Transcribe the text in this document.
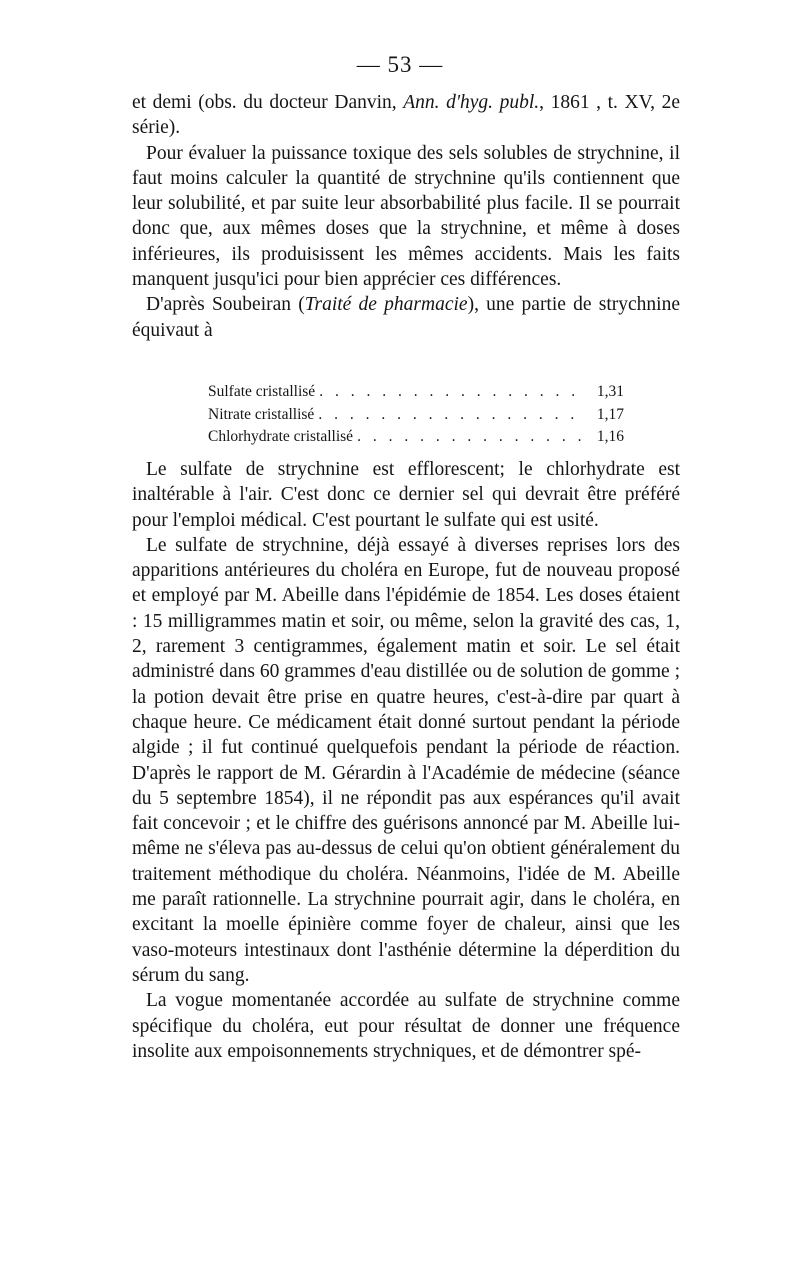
— 53 —

et demi (obs. du docteur Danvin, Ann. d'hyg. publ., 1861 , t. XV, 2e série).

Pour évaluer la puissance toxique des sels solubles de strychnine, il faut moins calculer la quantité de strychnine qu'ils contiennent que leur solubilité, et par suite leur absorbabilité plus facile. Il se pourrait donc que, aux mêmes doses que la strychnine, et même à doses inférieures, ils produisissent les mêmes accidents. Mais les faits manquent jusqu'ici pour bien apprécier ces différences.

D'après Soubeiran (Traité de pharmacie), une partie de strychnine équivaut à

Sulfate cristallisé . . .	1,31
Nitrate cristallisé . . .	1,17
Chlorhydrate cristallisé . . .	1,16

Le sulfate de strychnine est efflorescent; le chlorhydrate est inaltérable à l'air. C'est donc ce dernier sel qui devrait être préféré pour l'emploi médical. C'est pourtant le sulfate qui est usité.

Le sulfate de strychnine, déjà essayé à diverses reprises lors des apparitions antérieures du choléra en Europe, fut de nouveau proposé et employé par M. Abeille dans l'épidémie de 1854. Les doses étaient : 15 milligrammes matin et soir, ou même, selon la gravité des cas, 1, 2, rarement 3 centigrammes, également matin et soir. Le sel était administré dans 60 grammes d'eau distillée ou de solution de gomme ; la potion devait être prise en quatre heures, c'est-à-dire par quart à chaque heure. Ce médicament était donné surtout pendant la période algide ; il fut continué quelquefois pendant la période de réaction. D'après le rapport de M. Gérardin à l'Académie de médecine (séance du 5 septembre 1854), il ne répondit pas aux espérances qu'il avait fait concevoir ; et le chiffre des guérisons annoncé par M. Abeille lui-même ne s'éleva pas au-dessus de celui qu'on obtient généralement du traitement méthodique du choléra. Néanmoins, l'idée de M. Abeille me paraît rationnelle. La strychnine pourrait agir, dans le choléra, en excitant la moelle épinière comme foyer de chaleur, ainsi que les vaso-moteurs intestinaux dont l'asthénie détermine la déperdition du sérum du sang.

La vogue momentanée accordée au sulfate de strychnine comme spécifique du choléra, eut pour résultat de donner une fréquence insolite aux empoisonnements strychniques, et de démontrer spé-
